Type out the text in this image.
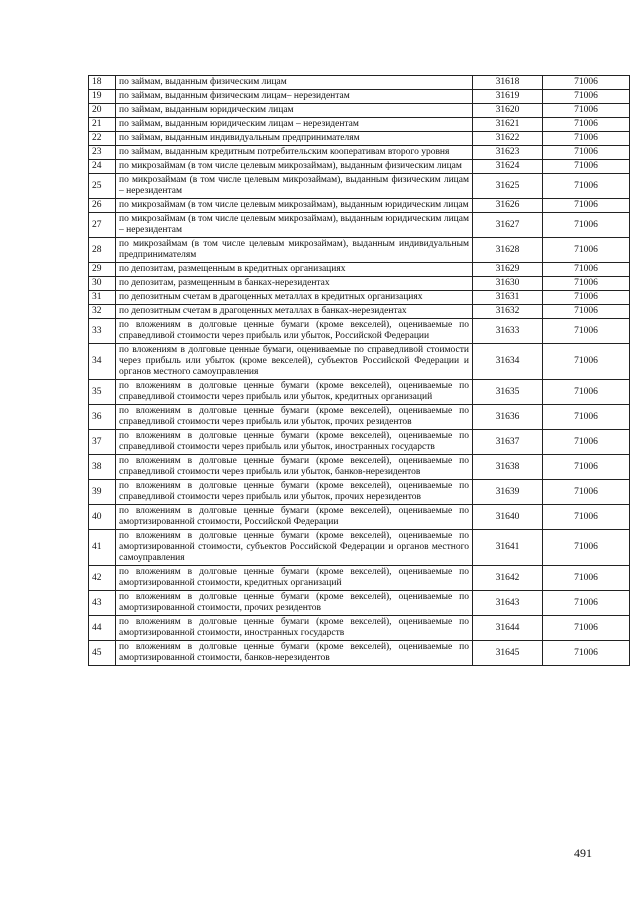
18	по займам, выданным физическим лицам	31618	71006
19	по займам, выданным физическим лицам– нерезидентам	31619	71006
20	по займам, выданным юридическим лицам	31620	71006
21	по займам, выданным юридическим лицам – нерезидентам	31621	71006
22	по займам, выданным индивидуальным предпринимателям	31622	71006
23	по займам, выданным кредитным потребительским кооперативам второго уровня	31623	71006
24	по микрозаймам (в том числе целевым микрозаймам), выданным физическим лицам	31624	71006
25	по микрозаймам (в том числе целевым микрозаймам), выданным физическим лицам – нерезидентам	31625	71006
26	по микрозаймам (в том числе целевым микрозаймам), выданным юридическим лицам	31626	71006
27	по микрозаймам (в том числе целевым микрозаймам), выданным юридическим лицам – нерезидентам	31627	71006
28	по микрозаймам (в том числе целевым микрозаймам), выданным индивидуальным предпринимателям	31628	71006
29	по депозитам, размещенным в кредитных организациях	31629	71006
30	по депозитам, размещенным в банках-нерезидентах	31630	71006
31	по депозитным счетам в драгоценных металлах в кредитных организациях	31631	71006
32	по депозитным счетам в драгоценных металлах в банках-нерезидентах	31632	71006
33	по вложениям в долговые ценные бумаги (кроме векселей), оцениваемые по справедливой стоимости через прибыль или убыток, Российской Федерации	31633	71006
34	по вложениям в долговые ценные бумаги, оцениваемые по справедливой стоимости через прибыль или убыток (кроме векселей), субъектов Российской Федерации и органов местного самоуправления	31634	71006
35	по вложениям в долговые ценные бумаги (кроме векселей), оцениваемые по справедливой стоимости через прибыль или убыток, кредитных организаций	31635	71006
36	по вложениям в долговые ценные бумаги (кроме векселей), оцениваемые по справедливой стоимости через прибыль или убыток, прочих резидентов	31636	71006
37	по вложениям в долговые ценные бумаги (кроме векселей), оцениваемые по справедливой стоимости через прибыль или убыток, иностранных государств	31637	71006
38	по вложениям в долговые ценные бумаги (кроме векселей), оцениваемые по справедливой стоимости через прибыль или убыток, банков-нерезидентов	31638	71006
39	по вложениям в долговые ценные бумаги (кроме векселей), оцениваемые по справедливой стоимости через прибыль или убыток, прочих нерезидентов	31639	71006
40	по вложениям в долговые ценные бумаги (кроме векселей), оцениваемые по амортизированной стоимости, Российской Федерации	31640	71006
41	по вложениям в долговые ценные бумаги (кроме векселей), оцениваемые по амортизированной стоимости, субъектов Российской Федерации и органов местного самоуправления	31641	71006
42	по вложениям в долговые ценные бумаги (кроме векселей), оцениваемые по амортизированной стоимости, кредитных организаций	31642	71006
43	по вложениям в долговые ценные бумаги (кроме векселей), оцениваемые по амортизированной стоимости, прочих резидентов	31643	71006
44	по вложениям в долговые ценные бумаги (кроме векселей), оцениваемые по амортизированной стоимости, иностранных государств	31644	71006
45	по вложениям в долговые ценные бумаги (кроме векселей), оцениваемые по амортизированной стоимости, банков-нерезидентов	31645	71006
491
